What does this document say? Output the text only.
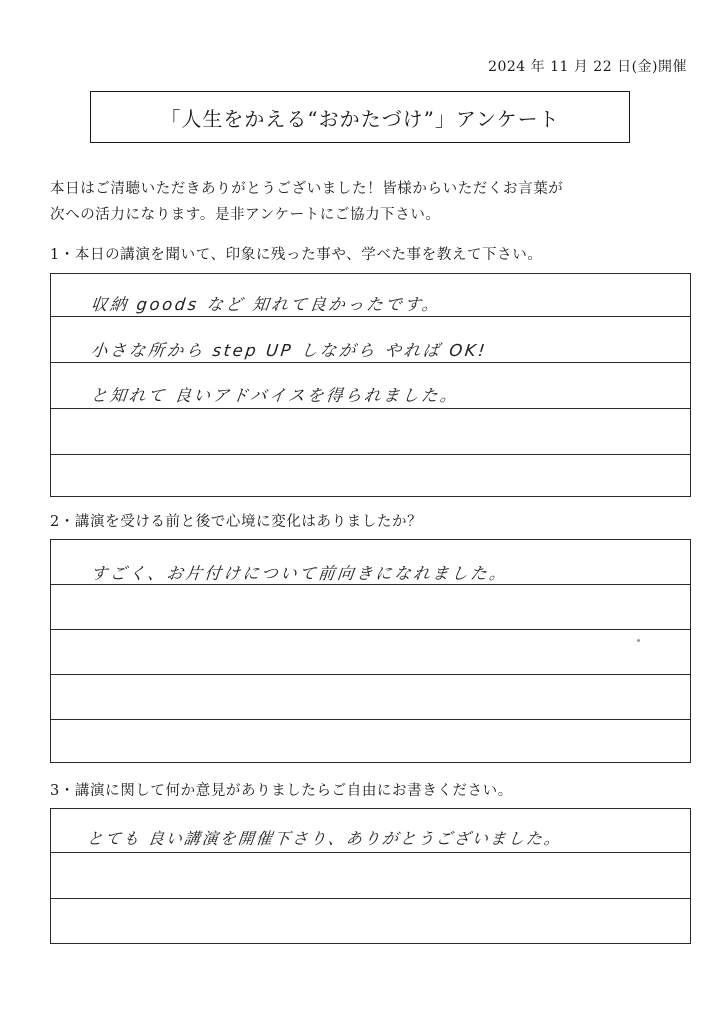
2024 年 11 月 22 日(金)開催
「人生をかえる“おかたづけ”」アンケート
本日はご清聴いただきありがとうございました！皆様からいただくお言葉が
次への活力になります。是非アンケートにご協力下さい。
1・本日の講演を聞いて、印象に残った事や、学べた事を教えて下さい。
収納 goods など 知れて良かったです。
小さな所から step UP しながら やれば OK!
と知れて 良いアドバイスを得られました。
2・講演を受ける前と後で心境に変化はありましたか？
すごく、お片付けについて前向きになれました。
3・講演に関して何か意見がありましたらご自由にお書きください。
とても 良い講演を開催下さり、ありがとうございました。
